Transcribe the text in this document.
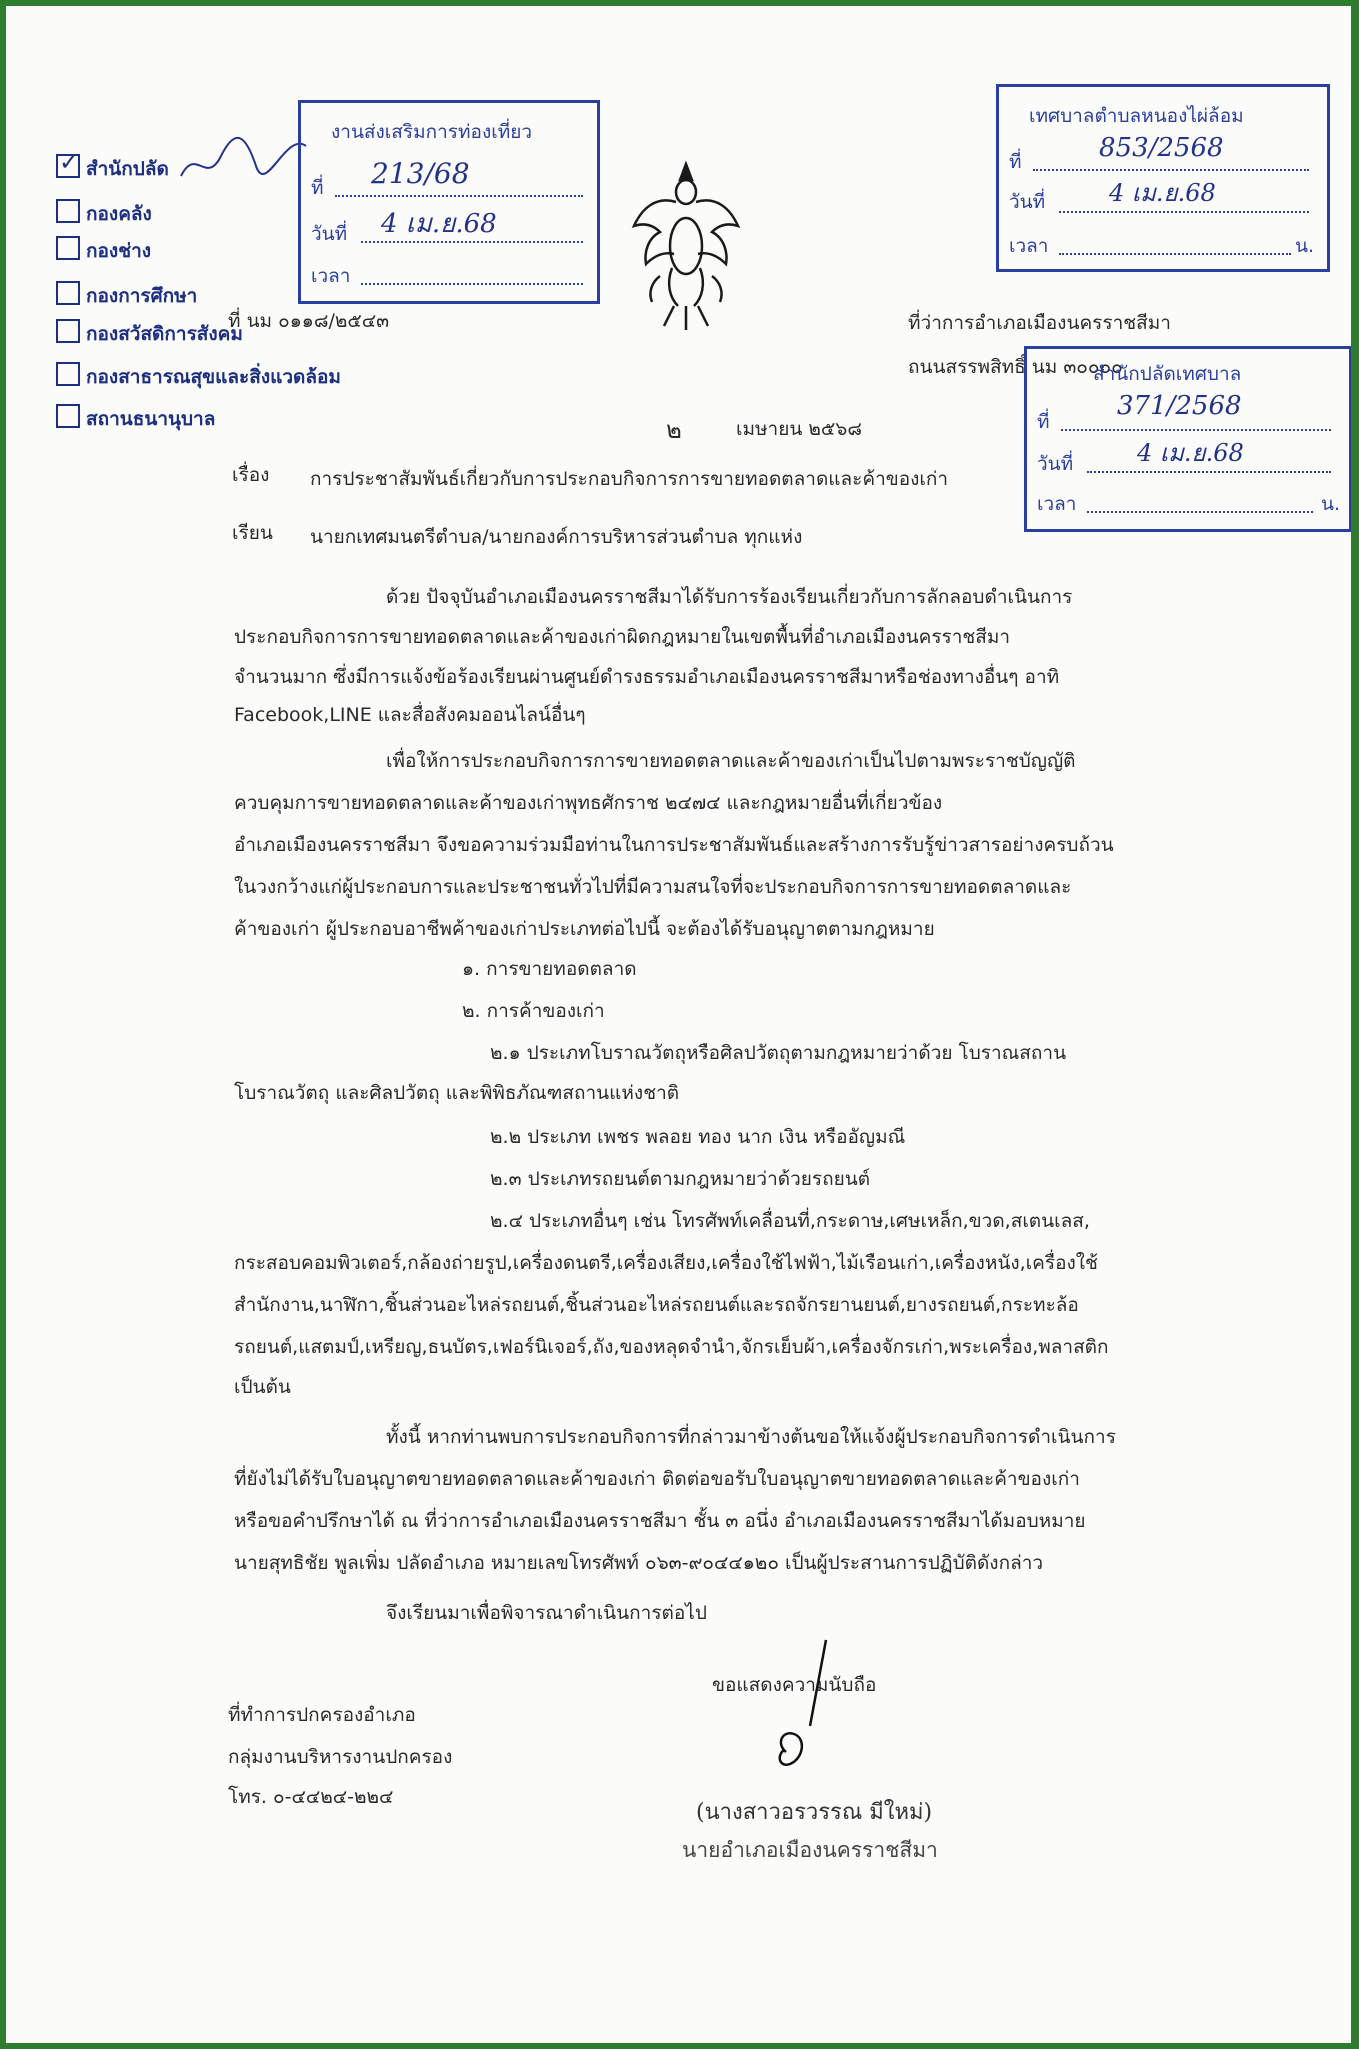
✓ สำนักปลัด
กองคลัง
กองช่าง
กองการศึกษา
กองสวัสดิการสังคม
กองสาธารณสุขและสิ่งแวดล้อม
สถานธนานุบาล
งานส่งเสริมการท่องเที่ยว
ที่ 213/68
วันที่ 4 เม.ย.68
เวลา
เทศบาลตำบลหนองไผ่ล้อม
ที่	853/2568
วันที่	4 เม.ย.68
เวลา	น.
ที่ นม ๐๑๑๘/๒๕๔๓	ที่ว่าการอำเภอเมืองนครราชสีมา
ถนนสรรพสิทธิ์ นม ๓๐๐๐๐
สำนักปลัดเทศบาล
ที่
371/2568
วันที่	4 เม.ย.68
เวลา	น.
๒	เมษายน ๒๕๖๘
เรื่อง การประชาสัมพันธ์เกี่ยวกับการประกอบกิจการการขายทอดตลาดและค้าของเก่า
เรียน นายกเทศมนตรีตำบล/นายกองค์การบริหารส่วนตำบล ทุกแห่ง
ด้วย ปัจจุบันอำเภอเมืองนครราชสีมาได้รับการร้องเรียนเกี่ยวกับการลักลอบดำเนินการ
ประกอบกิจการการขายทอดตลาดและค้าของเก่าผิดกฎหมายในเขตพื้นที่อำเภอเมืองนครราชสีมา
จำนวนมาก ซึ่งมีการแจ้งข้อร้องเรียนผ่านศูนย์ดำรงธรรมอำเภอเมืองนครราชสีมาหรือช่องทางอื่นๆ อาทิ
Facebook,LINE และสื่อสังคมออนไลน์อื่นๆ
เพื่อให้การประกอบกิจการการขายทอดตลาดและค้าของเก่าเป็นไปตามพระราชบัญญัติ
ควบคุมการขายทอดตลาดและค้าของเก่าพุทธศักราช ๒๔๗๔ และกฎหมายอื่นที่เกี่ยวข้อง
อำเภอเมืองนครราชสีมา จึงขอความร่วมมือท่านในการประชาสัมพันธ์และสร้างการรับรู้ข่าวสารอย่างครบถ้วน
ในวงกว้างแก่ผู้ประกอบการและประชาชนทั่วไปที่มีความสนใจที่จะประกอบกิจการการขายทอดตลาดและ
ค้าของเก่า ผู้ประกอบอาชีพค้าของเก่าประเภทต่อไปนี้ จะต้องได้รับอนุญาตตามกฎหมาย
๑. การขายทอดตลาด
๒. การค้าของเก่า
๒.๑ ประเภทโบราณวัตถุหรือศิลปวัตถุตามกฎหมายว่าด้วย โบราณสถาน
โบราณวัตถุ และศิลปวัตถุ และพิพิธภัณฑสถานแห่งชาติ
๒.๒ ประเภท เพชร พลอย ทอง นาก เงิน หรืออัญมณี
๒.๓ ประเภทรถยนต์ตามกฎหมายว่าด้วยรถยนต์
๒.๔ ประเภทอื่นๆ เช่น โทรศัพท์เคลื่อนที่,กระดาษ,เศษเหล็ก,ขวด,สเตนเลส,
กระสอบคอมพิวเตอร์,กล้องถ่ายรูป,เครื่องดนตรี,เครื่องเสียง,เครื่องใช้ไฟฟ้า,ไม้เรือนเก่า,เครื่องหนัง,เครื่องใช้
สำนักงาน,นาฬิกา,ชิ้นส่วนอะไหล่รถยนต์,ชิ้นส่วนอะไหล่รถยนต์และรถจักรยานยนต์,ยางรถยนต์,กระทะล้อ
รถยนต์,แสตมป์,เหรียญ,ธนบัตร,เฟอร์นิเจอร์,ถัง,ของหลุดจำนำ,จักรเย็บผ้า,เครื่องจักรเก่า,พระเครื่อง,พลาสติก
เป็นต้น
ทั้งนี้ หากท่านพบการประกอบกิจการที่กล่าวมาข้างต้นขอให้แจ้งผู้ประกอบกิจการดำเนินการ
ที่ยังไม่ได้รับใบอนุญาตขายทอดตลาดและค้าของเก่า ติดต่อขอรับใบอนุญาตขายทอดตลาดและค้าของเก่า
หรือขอคำปรึกษาได้ ณ ที่ว่าการอำเภอเมืองนครราชสีมา ชั้น ๓ อนึ่ง อำเภอเมืองนครราชสีมาได้มอบหมาย
นายสุทธิชัย พูลเพิ่ม ปลัดอำเภอ หมายเลขโทรศัพท์ ๐๖๓-๙๐๔๔๑๒๐ เป็นผู้ประสานการปฏิบัติดังกล่าว
จึงเรียนมาเพื่อพิจารณาดำเนินการต่อไป
ขอแสดงความนับถือ
(นางสาวอรวรรณ มีใหม่)
นายอำเภอเมืองนครราชสีมา
ที่ทำการปกครองอำเภอ
กลุ่มงานบริหารงานปกครอง
โทร. ๐-๔๔๒๔-๒๒๔
